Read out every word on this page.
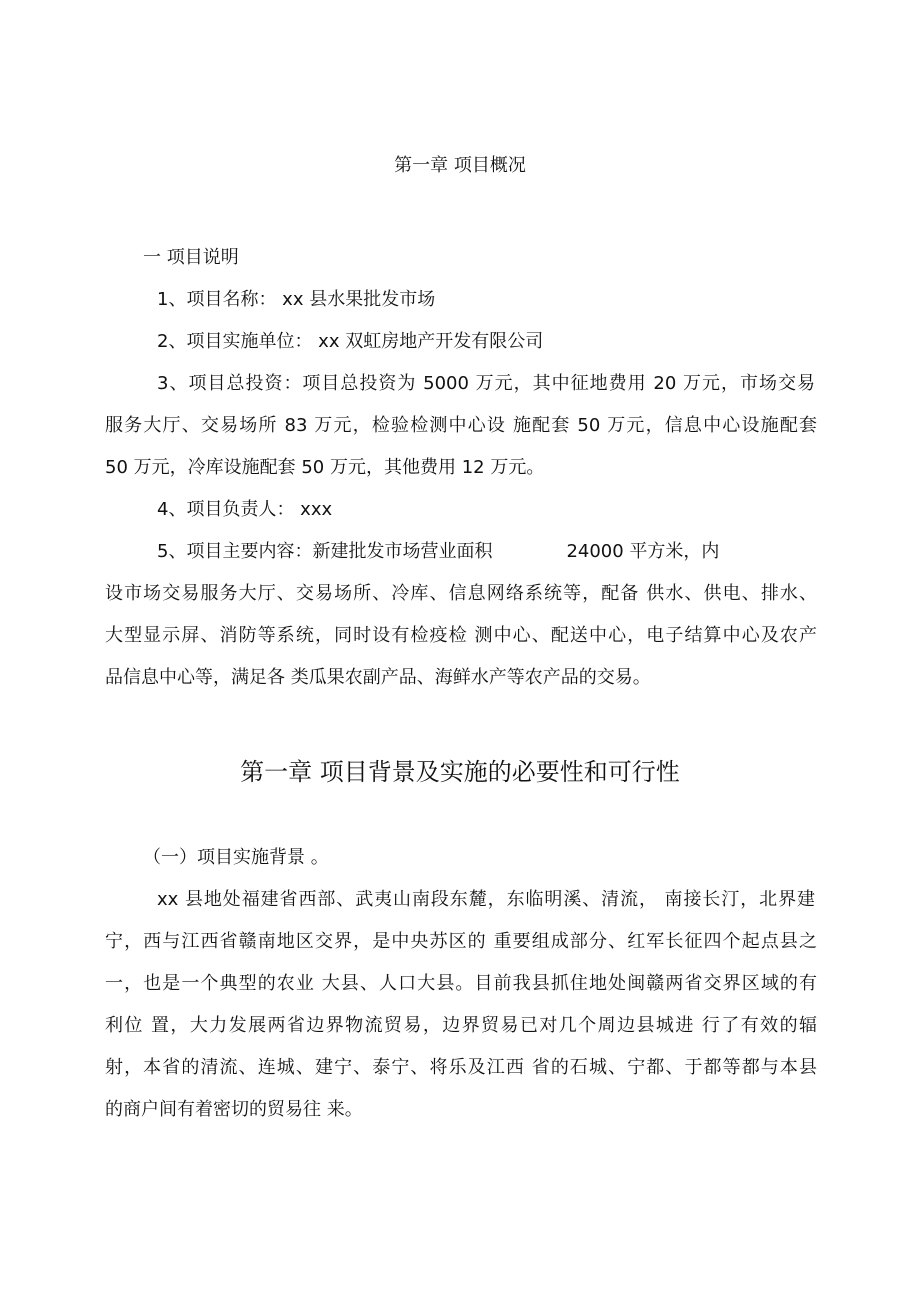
第一章 项目概况
一 项目说明
1、项目名称： xx 县水果批发市场
2、项目实施单位： xx 双虹房地产开发有限公司
3、项目总投资：项目总投资为 5000 万元，其中征地费用 20 万元，市场交易
服务大厅、交易场所 83 万元，检验检测中心设 施配套 50 万元，信息中心设施配套
50 万元，冷库设施配套 50 万元，其他费用 12 万元。
4、项目负责人： xxx
5、项目主要内容：新建批发市场营业面积	24000 平方米，内
设市场交易服务大厅、交易场所、冷库、信息网络系统等，配备 供水、供电、排水、
大型显示屏、消防等系统，同时设有检疫检 测中心、配送中心，电子结算中心及农产
品信息中心等，满足各 类瓜果农副产品、海鲜水产等农产品的交易。
第一章 项目背景及实施的必要性和可行性
（一）项目实施背景 。
xx 县地处福建省西部、武夷山南段东麓，东临明溪、清流， 南接长汀，北界建
宁，西与江西省赣南地区交界，是中央苏区的 重要组成部分、红军长征四个起点县之
一，也是一个典型的农业 大县、人口大县。目前我县抓住地处闽赣两省交界区域的有
利位 置，大力发展两省边界物流贸易，边界贸易已对几个周边县城进 行了有效的辐
射，本省的清流、连城、建宁、泰宁、将乐及江西 省的石城、宁都、于都等都与本县
的商户间有着密切的贸易往 来。
